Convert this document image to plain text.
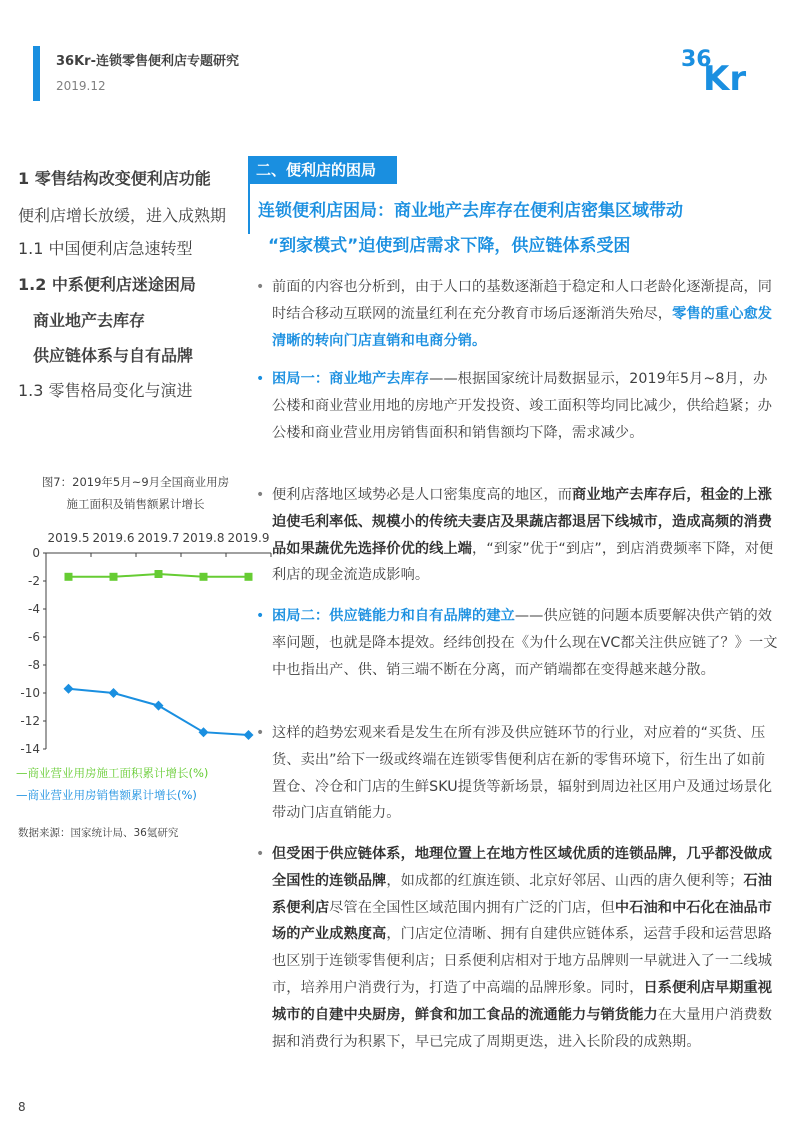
36Kr-连锁零售便利店专题研究
2019.12
36
Kr
1 零售结构改变便利店功能
便利店增长放缓，进入成熟期
1.1 中国便利店急速转型
1.2 中系便利店迷途困局
商业地产去库存
供应链体系与自有品牌
1.3 零售格局变化与演进
二、便利店的困局
连锁便利店困局：商业地产去库存在便利店密集区域带动
“到家模式”迫使到店需求下降，供应链体系受困
• 前面的内容也分析到，由于人口的基数逐渐趋于稳定和人口老龄化逐渐提高，同时结合移动互联网的流量红利在充分教育市场后逐渐消失殆尽，零售的重心愈发清晰的转向门店直销和电商分销。
• 困局一：商业地产去库存——根据国家统计局数据显示，2019年5月~8月，办公楼和商业营业用地的房地产开发投资、竣工面积等均同比减少，供给趋紧；办公楼和商业营业用房销售面积和销售额均下降，需求减少。
• 便利店落地区域势必是人口密集度高的地区，而商业地产去库存后，租金的上涨迫使毛利率低、规模小的传统夫妻店及果蔬店都退居下线城市，造成高频的消费品如果蔬优先选择价优的线上端，“到家”优于“到店”，到店消费频率下降，对便利店的现金流造成影响。
• 困局二：供应链能力和自有品牌的建立——供应链的问题本质要解决供产销的效率问题，也就是降本提效。经纬创投在《为什么现在VC都关注供应链了？》一文中也指出产、供、销三端不断在分离，而产销端都在变得越来越分散。
• 这样的趋势宏观来看是发生在所有涉及供应链环节的行业，对应着的“买货、压货、卖出”给下一级或终端在连锁零售便利店在新的零售环境下，衍生出了如前置仓、冷仓和门店的生鲜SKU提货等新场景，辐射到周边社区用户及通过场景化带动门店直销能力。
• 但受困于供应链体系，地理位置上在地方性区域优质的连锁品牌，几乎都没做成全国性的连锁品牌，如成都的红旗连锁、北京好邻居、山西的唐久便利等；石油系便利店尽管在全国性区域范围内拥有广泛的门店，但中石油和中石化在油品市场的产业成熟度高，门店定位清晰、拥有自建供应链体系，运营手段和运营思路也区别于连锁零售便利店；日系便利店相对于地方品牌则一早就进入了一二线城市，培养用户消费行为，打造了中高端的品牌形象。同时，日系便利店早期重视城市的自建中央厨房，鲜食和加工食品的流通能力与销货能力在大量用户消费数据和消费行为积累下，早已完成了周期更迭，进入长阶段的成熟期。
图7：2019年5月~9月全国商业用房
施工面积及销售额累计增长
0
-2
-4
-6
-8
-10
-12
-14
2019.5 2019.6 2019.7 2019.8 2019.9
—商业营业用房施工面积累计增长(%)
—商业营业用房销售额累计增长(%)
数据来源：国家统计局、36氪研究
8
